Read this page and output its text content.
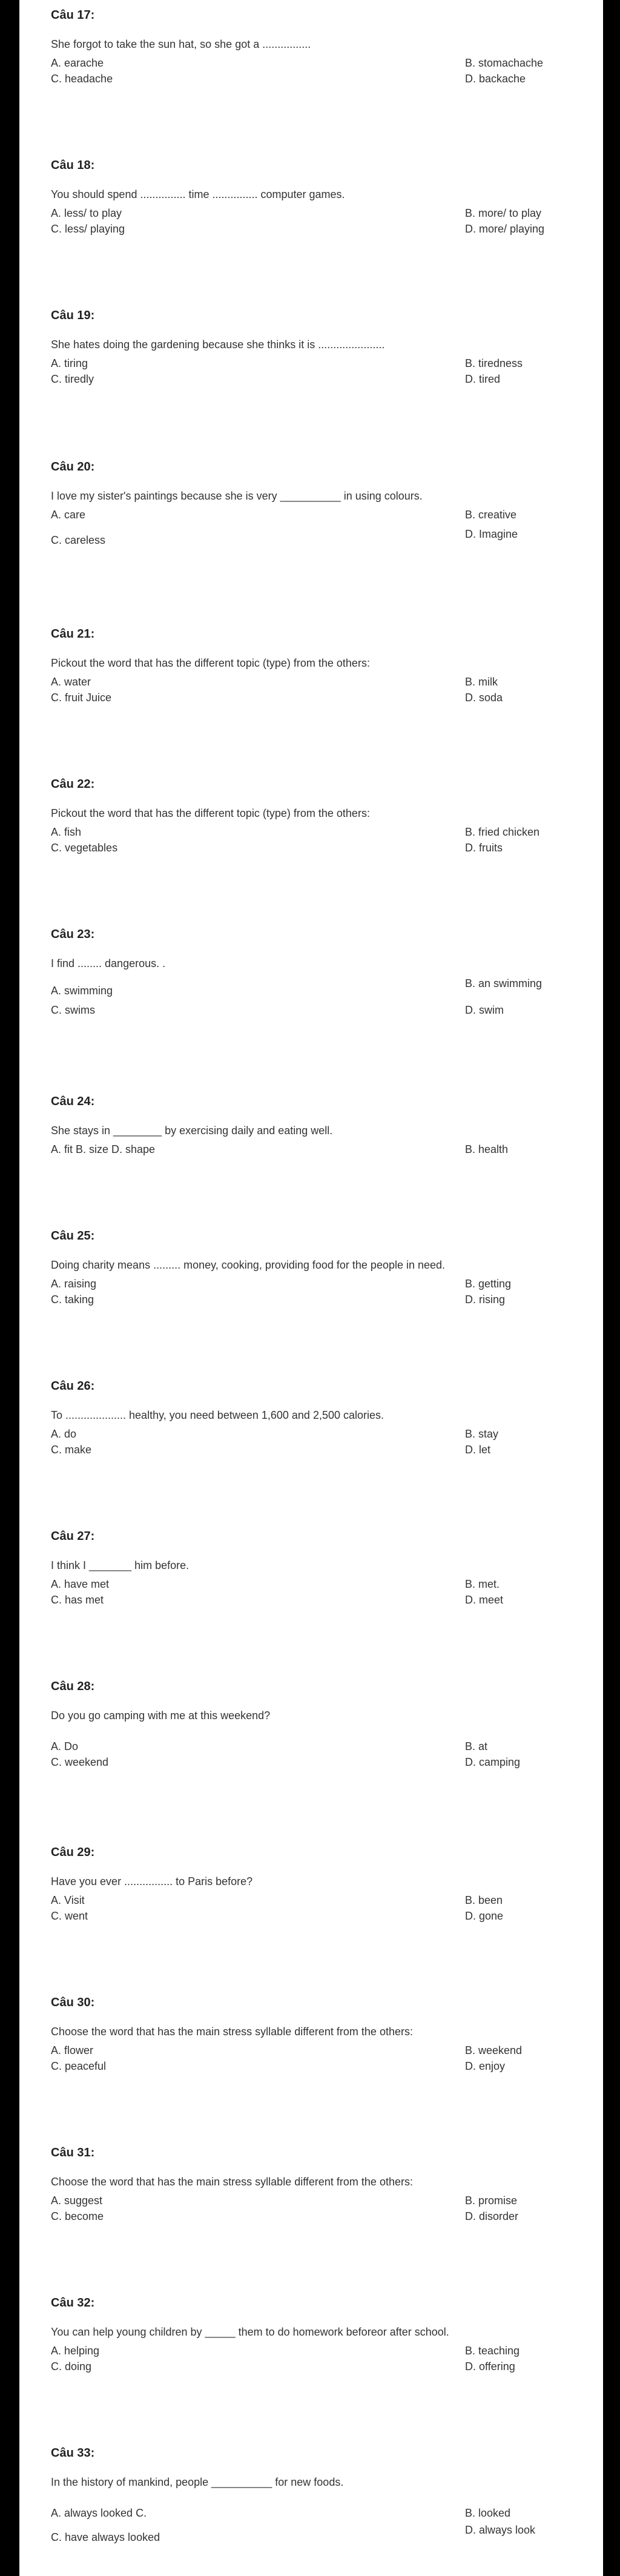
Câu 17:
She forgot to take the sun hat, so she got a ................
A. earache	B. stomachache
C. headache	D. backache
Câu 18:
You should spend ............... time ............... computer games.
A. less/ to play	B. more/ to play
C. less/ playing	D. more/ playing
Câu 19:
She hates doing the gardening because she thinks it is ......................
A. tiring	B. tiredness
C. tiredly	D. tired
Câu 20:
I love my sister's paintings because she is very __________ in using colours.
A. care	B. creative
C. careless	D. Imagine
Câu 21:
Pickout the word that has the different topic (type) from the others:
A. water	B. milk
C. fruit Juice	D. soda
Câu 22:
Pickout the word that has the different topic (type) from the others:
A. fish	B. fried chicken
C. vegetables	D. fruits
Câu 23:
I find ........ dangerous. .
A. swimming
B. an swimming
C. swims	D. swim
Câu 24:
She stays in ________ by exercising daily and eating well.
A. fit B. size D. shape	B. health
Câu 25:
Doing charity means ......... money, cooking, providing food for the people in need.
A. raising	B. getting
C. taking	D. rising
Câu 26:
To .................... healthy, you need between 1,600 and 2,500 calories.
A. do	B. stay
C. make	D. let
Câu 27:
I think I _______ him before.
A. have met	B. met.
C. has met	D. meet
Câu 28:
Do you go camping with me at this weekend?
A. Do	B. at
C. weekend	D. camping
Câu 29:
Have you ever ................ to Paris before?
A. Visit	B. been
C. went	D. gone
Câu 30:
Choose the word that has the main stress syllable different from the others:
A. flower	B. weekend
C. peaceful	D. enjoy
Câu 31:
Choose the word that has the main stress syllable different from the others:
A. suggest	B. promise
C. become	D. disorder
Câu 32:
You can help young children by _____ them to do homework beforeor after school.
A. helping	B. teaching
C. doing	D. offering
Câu 33:
In the history of mankind, people __________ for new foods.
A. always looked C.	B. looked
C. have always looked
D. always look
